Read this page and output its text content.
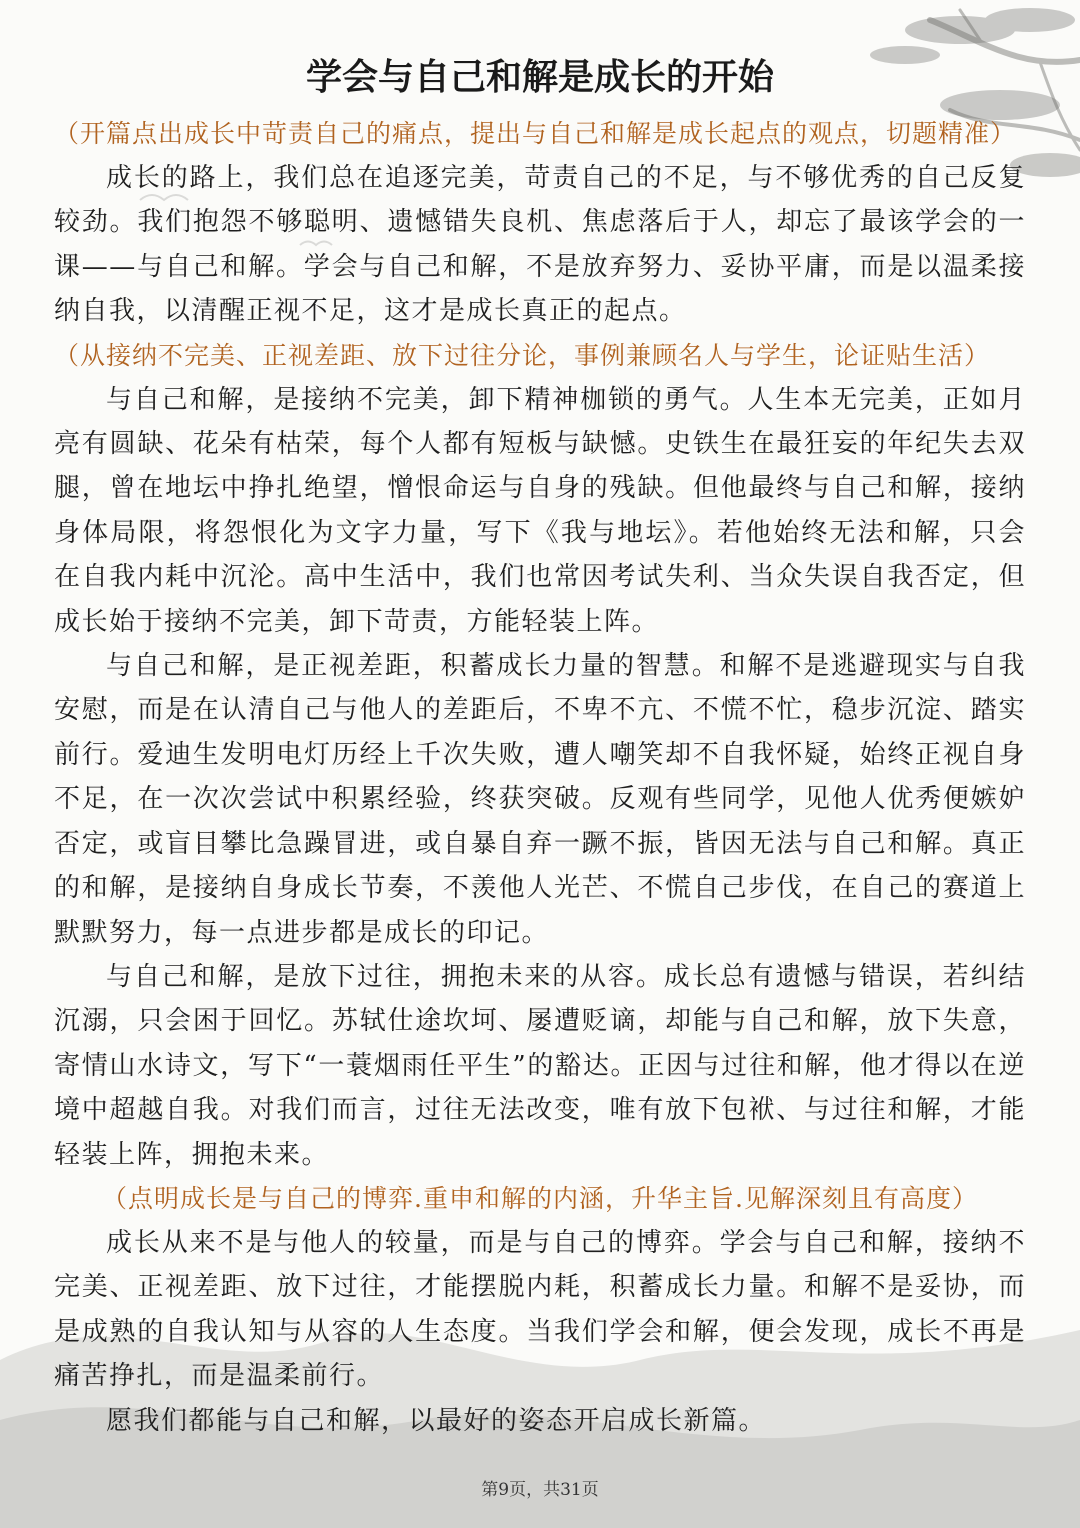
学会与自己和解是成长的开始

（开篇点出成长中苛责自己的痛点，提出与自己和解是成长起点的观点，切题精准）

成长的路上，我们总在追逐完美，苛责自己的不足，与不够优秀的自己反复较劲。我们抱怨不够聪明、遗憾错失良机、焦虑落后于人，却忘了最该学会的一课——与自己和解。学会与自己和解，不是放弃努力、妥协平庸，而是以温柔接纳自我，以清醒正视不足，这才是成长真正的起点。

（从接纳不完美、正视差距、放下过往分论，事例兼顾名人与学生，论证贴生活）

与自己和解，是接纳不完美，卸下精神枷锁的勇气。人生本无完美，正如月亮有圆缺、花朵有枯荣，每个人都有短板与缺憾。史铁生在最狂妄的年纪失去双腿，曾在地坛中挣扎绝望，憎恨命运与自身的残缺。但他最终与自己和解，接纳身体局限，将怨恨化为文字力量，写下《我与地坛》。若他始终无法和解，只会在自我内耗中沉沦。高中生活中，我们也常因考试失利、当众失误自我否定，但成长始于接纳不完美，卸下苛责，方能轻装上阵。

与自己和解，是正视差距，积蓄成长力量的智慧。和解不是逃避现实与自我安慰，而是在认清自己与他人的差距后，不卑不亢、不慌不忙，稳步沉淀、踏实前行。爱迪生发明电灯历经上千次失败，遭人嘲笑却不自我怀疑，始终正视自身不足，在一次次尝试中积累经验，终获突破。反观有些同学，见他人优秀便嫉妒否定，或盲目攀比急躁冒进，或自暴自弃一蹶不振，皆因无法与自己和解。真正的和解，是接纳自身成长节奏，不羡他人光芒、不慌自己步伐，在自己的赛道上默默努力，每一点进步都是成长的印记。

与自己和解，是放下过往，拥抱未来的从容。成长总有遗憾与错误，若纠结沉溺，只会困于回忆。苏轼仕途坎坷、屡遭贬谪，却能与自己和解，放下失意，寄情山水诗文，写下“一蓑烟雨任平生”的豁达。正因与过往和解，他才得以在逆境中超越自我。对我们而言，过往无法改变，唯有放下包袱、与过往和解，才能轻装上阵，拥抱未来。

（点明成长是与自己的博弈.重申和解的内涵，升华主旨.见解深刻且有高度）

成长从来不是与他人的较量，而是与自己的博弈。学会与自己和解，接纳不完美、正视差距、放下过往，才能摆脱内耗，积蓄成长力量。和解不是妥协，而是成熟的自我认知与从容的人生态度。当我们学会和解，便会发现，成长不再是痛苦挣扎，而是温柔前行。

愿我们都能与自己和解，以最好的姿态开启成长新篇。

第9页，共31页
